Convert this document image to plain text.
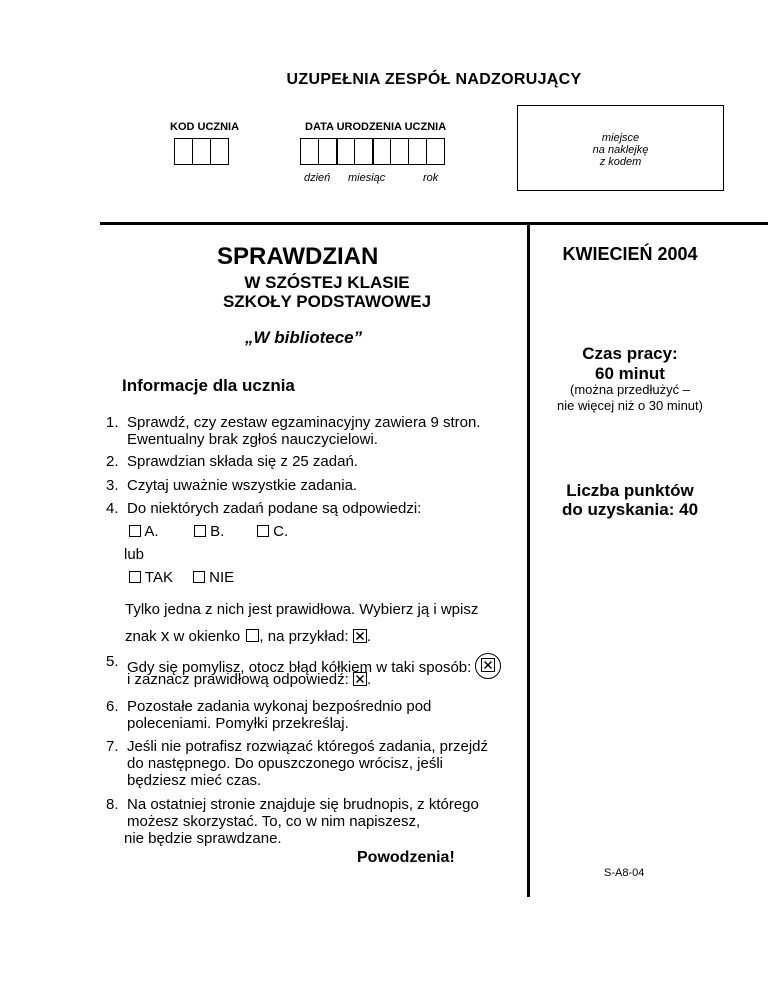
UZUPEŁNIA ZESPÓŁ NADZORUJĄCY
KOD UCZNIA	DATA URODZENIA UCZNIA
dzień miesiąc	rok
miejsce
na naklejkę
z kodem
SPRAWDZIAN
W SZÓSTEJ KLASIE
SZKOŁY PODSTAWOWEJ
„W bibliotece”
KWIECIEŃ 2004
Czas pracy:
60 minut
(można przedłużyć –
nie więcej niż o 30 minut)
Liczba punktów
do uzyskania: 40
S-A8-04
Informacje dla ucznia
1. Sprawdź, czy zestaw egzaminacyjny zawiera 9 stron.
Ewentualny brak zgłoś nauczycielowi.
2. Sprawdzian składa się z 25 zadań.
3. Czytaj uważnie wszystkie zadania.
4. Do niektórych zadań podane są odpowiedzi:
A.	B.	C.
lub
TAK	NIE
Tylko jedna z nich jest prawidłowa. Wybierz ją i wpisz
znak x w okienko , na przykład: .
5. Gdy się pomylisz, otocz błąd kółkiem w taki sposób:
i zaznacz prawidłową odpowiedź: .
6. Pozostałe zadania wykonaj bezpośrednio pod
poleceniami. Pomyłki przekreślaj.
7. Jeśli nie potrafisz rozwiązać któregoś zadania, przejdź
do następnego. Do opuszczonego wrócisz, jeśli
będziesz mieć czas.
8. Na ostatniej stronie znajduje się brudnopis, z którego
możesz skorzystać. To, co w nim napiszesz,
nie będzie sprawdzane.
Powodzenia!
